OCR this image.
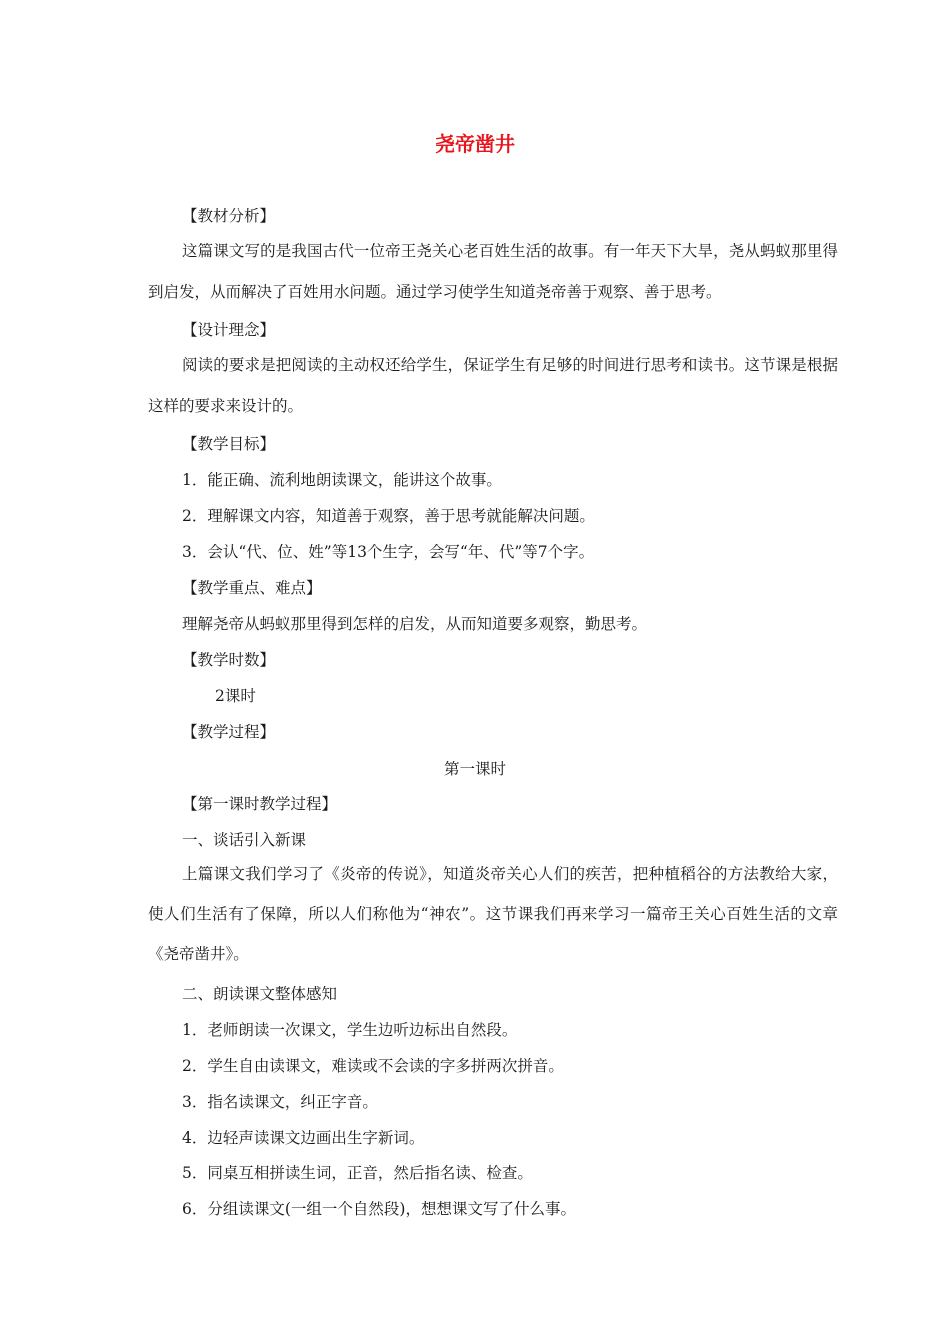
尧帝凿井
【教材分析】
这篇课文写的是我国古代一位帝王尧关心老百姓生活的故事。有一年天下大旱，尧从蚂蚁那里得到启发，从而解决了百姓用水问题。通过学习使学生知道尧帝善于观察、善于思考。
【设计理念】
阅读的要求是把阅读的主动权还给学生，保证学生有足够的时间进行思考和读书。这节课是根据这样的要求来设计的。
【教学目标】
1．能正确、流利地朗读课文，能讲这个故事。
2．理解课文内容，知道善于观察，善于思考就能解决问题。
3．会认“代、位、姓”等13个生字，会写“年、代”等7个字。
【教学重点、难点】
理解尧帝从蚂蚁那里得到怎样的启发，从而知道要多观察，勤思考。
【教学时数】
2课时
【教学过程】
第一课时
【第一课时教学过程】
一、谈话引入新课
上篇课文我们学习了《炎帝的传说》，知道炎帝关心人们的疾苦，把种植稻谷的方法教给大家，使人们生活有了保障，所以人们称他为“神农”。这节课我们再来学习一篇帝王关心百姓生活的文章《尧帝凿井》。
二、朗读课文整体感知
1．老师朗读一次课文，学生边听边标出自然段。
2．学生自由读课文，难读或不会读的字多拼两次拼音。
3．指名读课文，纠正字音。
4．边轻声读课文边画出生字新词。
5．同桌互相拼读生词，正音，然后指名读、检查。
6．分组读课文(一组一个自然段)，想想课文写了什么事。
